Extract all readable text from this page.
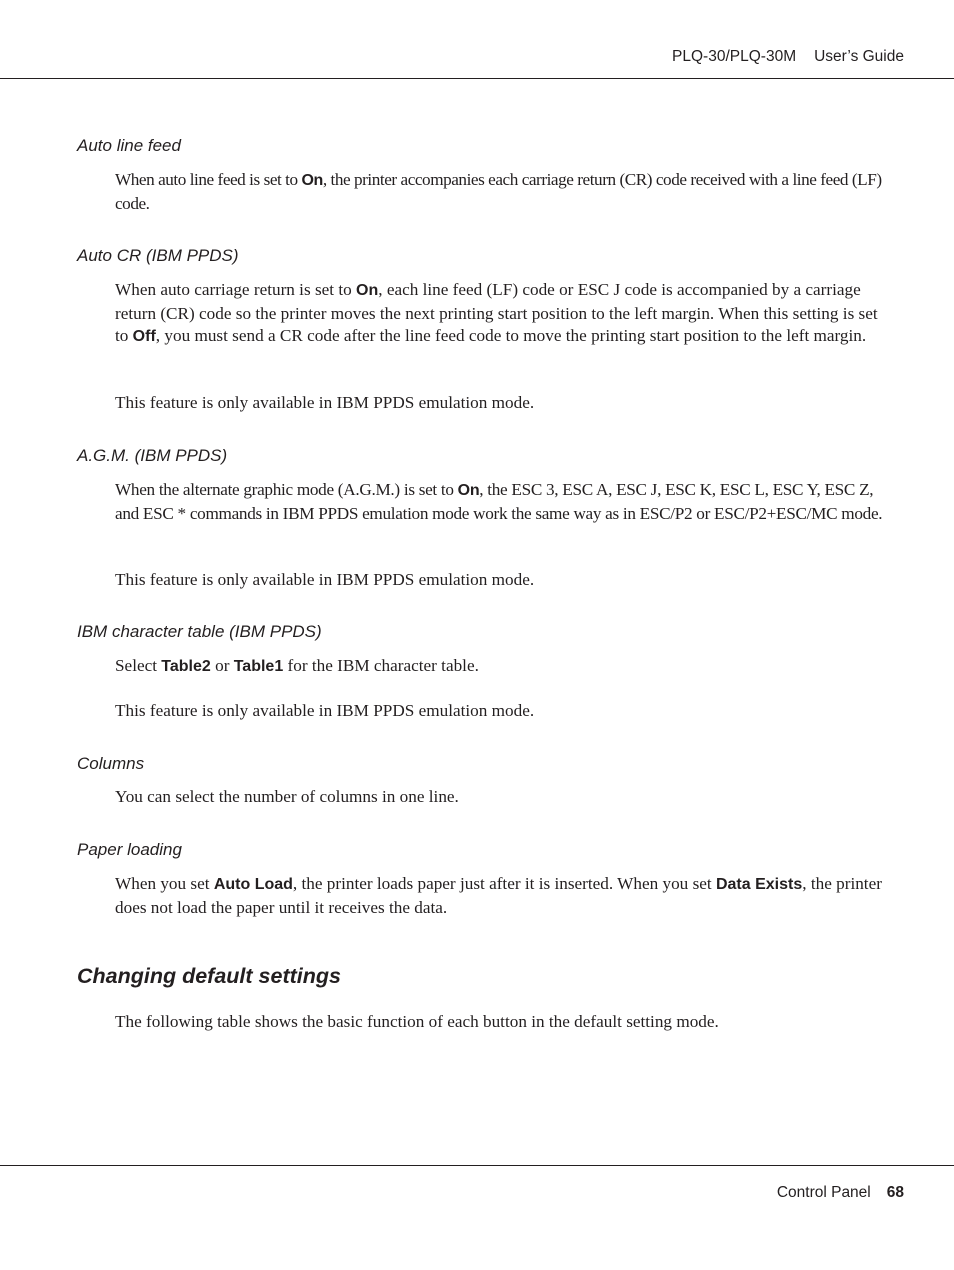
PLQ-30/PLQ-30M User’s Guide
Auto line feed

When auto line feed is set to On, the printer accompanies each carriage return (CR) code received with a line feed (LF) code.

Auto CR (IBM PPDS)

When auto carriage return is set to On, each line feed (LF) code or ESC J code is accompanied by a carriage return (CR) code so the printer moves the next printing start position to the left margin. When this setting is set to Off, you must send a CR code after the line feed code to move the printing start position to the left margin.

This feature is only available in IBM PPDS emulation mode.

A.G.M. (IBM PPDS)

When the alternate graphic mode (A.G.M.) is set to On, the ESC 3, ESC A, ESC J, ESC K, ESC L, ESC Y, ESC Z, and ESC * commands in IBM PPDS emulation mode work the same way as in ESC/P2 or ESC/P2+ESC/MC mode.

This feature is only available in IBM PPDS emulation mode.

IBM character table (IBM PPDS)

Select Table2 or Table1 for the IBM character table.

This feature is only available in IBM PPDS emulation mode.

Columns

You can select the number of columns in one line.

Paper loading

When you set Auto Load, the printer loads paper just after it is inserted. When you set Data Exists, the printer does not load the paper until it receives the data.

Changing default settings

The following table shows the basic function of each button in the default setting mode.

Control Panel 68
